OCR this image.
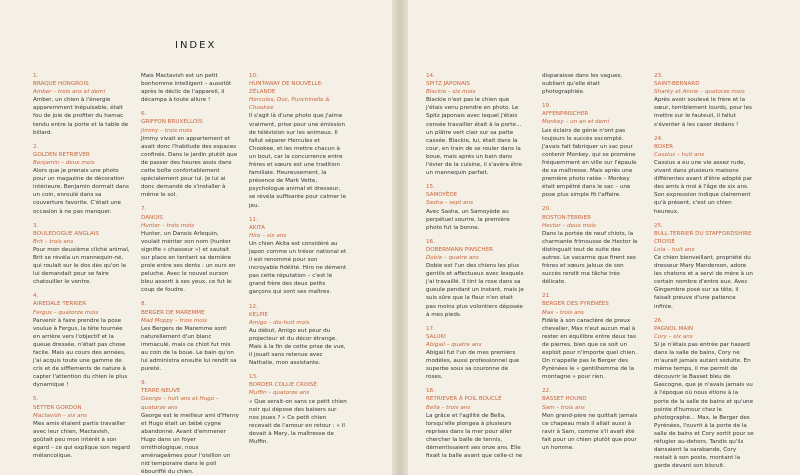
INDEX
1.
BRAQUE HONGROIS
Amber – trois ans et demi
Amber, un chien à l'énergie apparemment inépuisable, était fou de joie de profiter du hamac tendu entre la porte et la table de billard.
2.
GOLDEN RETRIEVER
Benjamin – deux mois
Alors que je prenais une photo pour un magazine de décoration intérieure, Benjamin dormait dans un coin, enroulé dans sa couverture favorite. C'était une occasion à ne pas manquer.
3.
BOULEDOGUE ANGLAIS
Brit – trois ans
Pour mon deuxième cliché animal, Brit se révéla un mannequin-né, qui roulait sur le dos dès qu'on le lui demandait pour se faire chatouiller le ventre.
4.
AIREDALE TERRIER
Fergus – quatorze mois
Parvenir à faire prendre la pose voulue à Fergus, la tête tournée en arrière vers l'objectif et la queue dressée, n'était pas chose facile. Mais au cours des années, j'ai acquis toute une gamme de cris et de sifflements de nature à capter l'attention du chien le plus dynamique !
5.
SETTER GORDON
Mactavish – six ans
Mes amis étaient partis travailler avec leur chien, Mactavish, goûtait peu mon intérêt à son égard – ce qui explique son regard mélancolique.
Mais Mactavish est un petit bonhomme intelligent – aussitôt après le déclic de l'appareil, il décampa à toute allure !
6.
GRIFFON BRUXELLOIS
Jimmy – trois mois
Jimmy vivait en appartement et avait donc l'habitude des espaces confinés. Dans le jardin plutôt que de passer des heures assis dans cette boîte confortablement spécialement pour lui. Je lui ai donc demandé de s'installer à même le sol.
7.
DANOIS
Hunter – trois mois
Hunter, un Danois Arlequin, voulait mériter son nom (hunter signifie « chasseur ») et sautait sur place en tentant sa dernière proie entre ses dents : un ours en peluche. Avec le nouvel ourson bleu assorti à ses yeux, ce fut le coup de foudre.
8.
BERGER DE MAREMME
Mad Moppy – trois mois
Les Bergers de Maremme sont naturellement d'un blanc immaculé, mais ce chiot fut mis au coin de la boue. Le bain qu'on lui administra ensuite lui rendit sa pureté.
9.
TERRE-NEUVE
George – huit ans et Hugo – quatorze ans
George est le meilleur ami d'Henry et Hugo était un bébé cygne abandonné. Avant d'emmener Hugo dans un foyer ornithologique, nous aménageâmes pour l'oisillon un nid temporaire dans le poil ébouriffé du chien.
10.
HUNTAWAY DE NOUVELLE-ZÉLANDE
Hercules, Doc, Punchinello & Chookee
Il s'agit là d'une photo que j'aime vraiment, prise pour une émission de télévision sur les animaux. Il fallut séparer Hercules et Chookee, et les mettre chacun à un bout, car la concurrence entre frères et sœurs est une tradition familiale. Heureusement, la présence de Mark Vette, psychologue animal et dresseur, se révéla suffisante pour calmer le jeu.
11.
AKITA
Hiro – six ans
Un chien Akita est considéré au Japon comme un trésor national et il est renommé pour son incroyable fidélité. Hiro ne dément pas cette réputation – c'est le grand frère des deux petits garçons qui sont ses maîtres.
12.
KELPIE
Amigo – dix-huit mois
Au début, Amigo eut peur du projecteur et du décor étrange. Mais à la fin de cette prise de vue, il jouait sans retenue avec Nathalie, mon assistante.
13.
BORDER COLLIE CROISÉ
Muffin – quatorze ans
« Que serait-on sans ce petit chien noir qui dépose des baisers sur nos joues ? » Ce petit chien recevait de l'amour en retour : « Il devait à Mary, la maîtresse de Muffin.
14.
SPITZ JAPONAIS
Blackie – six mois
Blackie n'est pas le chien que j'étais venu prendre en photo. Le Spitz japonais avec lequel j'étais censée travailler était à la porte… un plâtre vert clair sur sa patte cassée. Blackie, lui, était dans la cour, en train de se rouler dans la boue, mais après un bain dans l'évier de la cuisine, il s'avéra être un mannequin parfait.
15.
SAMOYÈDE
Sasha – sept ans
Avec Sasha, un Samoyède au perpétuel sourire, la première photo fut la bonne.
16.
DOBERMANN PINSCHER
Dobie – quatre ans
Dobie est l'un des chiens les plus gentils et affectueux avec lesquels j'ai travaillé. Il tint la rose dans sa gueule pendant un instant, mais je suis sûre que la fleur n'en était pas moins plus volontiers déposée à mes pieds.
17.
SALUKI
Abigail – quatre ans
Abigail fut l'un de mes premiers modèles, aussi professionnel que superbe sous sa couronne de roses.
18.
RETRIEVER À POIL BOUCLÉ
Bella – trois ans
La grâce et l'agilité de Bella, lorsqu'elle plongea à plusieurs reprises dans la mer pour aller chercher la balle de tennis, démentissaient ses onze ans. Elle fixait la balle avant que celle-ci ne
disparaisse dans les vagues, oubliant qu'elle était photographiée.
19.
AFFENPINSCHER
Monkey – un an et demi
Les éclairs de génie n'ont pas toujours le succès escompté. J'avais fait fabriquer un sac pour contenir Monkey, qui se promène fréquemment en ville sur l'épaule de sa maîtresse. Mais après une première photo ratée – Monkey était empêtré dans le sac – une pose plus simple fit l'affaire.
20.
BOSTON-TERRIER
Hector – deux mois
Dans la portée de neuf chiots, la charmante frimousse de Hector le distinguait tout de suite des autres. Le vacarme que firent ses frères et sœurs jaloux de son succès rendit ma tâche très délicate.
21.
BERGER DES PYRÉNÉES
Max – trois ans
Fidèle à son caractère de preux chevalier, Max n'eut aucun mal à rester en équilibre entre deux tas de pierres, bien que ce soit un exploit pour n'importe quel chien. On n'appelle pas le Berger des Pyrénées le « gentilhomme de la montagne » pour rien.
22.
BASSET HOUND
Sam – trois ans
Mon grand-père ne quittait jamais ce chapeau mais il allait aussi à ravir à Sam, comme s'il avait été fait pour un chien plutôt que pour un homme.
23.
SAINT-BERNARD
Sharky et Annie – quatorze mois
Après avoir soulevé le frère et la sœur, terriblement lourds, pour les mettre sur le fauteuil, il fallut s'éventer à les caser dedans !
24.
BOXER
Cassius – huit ans
Cassius a eu une vie assez rude, vivant dans plusieurs maisons différentes avant d'être adopté par des amis à moi à l'âge de six ans. Son expression indique clairement qu'à présent, c'est un chien heureux.
25.
BULL-TERRIER DU STAFFORDSHIRE CROISÉ
Lola – huit ans
Ce chien bienveillant, propriété du dresseur Mary Manderson, adore les chatons et a servi de mère à un certain nombre d'entre eux. Avec Gingembre posé sur sa tête, il faisait preuve d'une patience infinie.
26.
PAGNOL MAIN
Cory – six ans
Si je n'étais pas entrée par hasard dans la salle de bains, Cory ne m'aurait jamais autant séduite. En même temps, il me permit de découvrir le Basset bleu de Gascogne, que je n'avais jamais vu à l'époque où nous étions à la porte de la salle de bains et qu'une pointe d'humour chez le photographe… Max, le Berger des Pyrénées, l'ouvrit à la porte de la salle de bains et Cory sortit pour se réfugier au-dehors. Tandis qu'ils dansaient la sarabande, Cory restait à son poste, montant la garde devant son biscuit.
